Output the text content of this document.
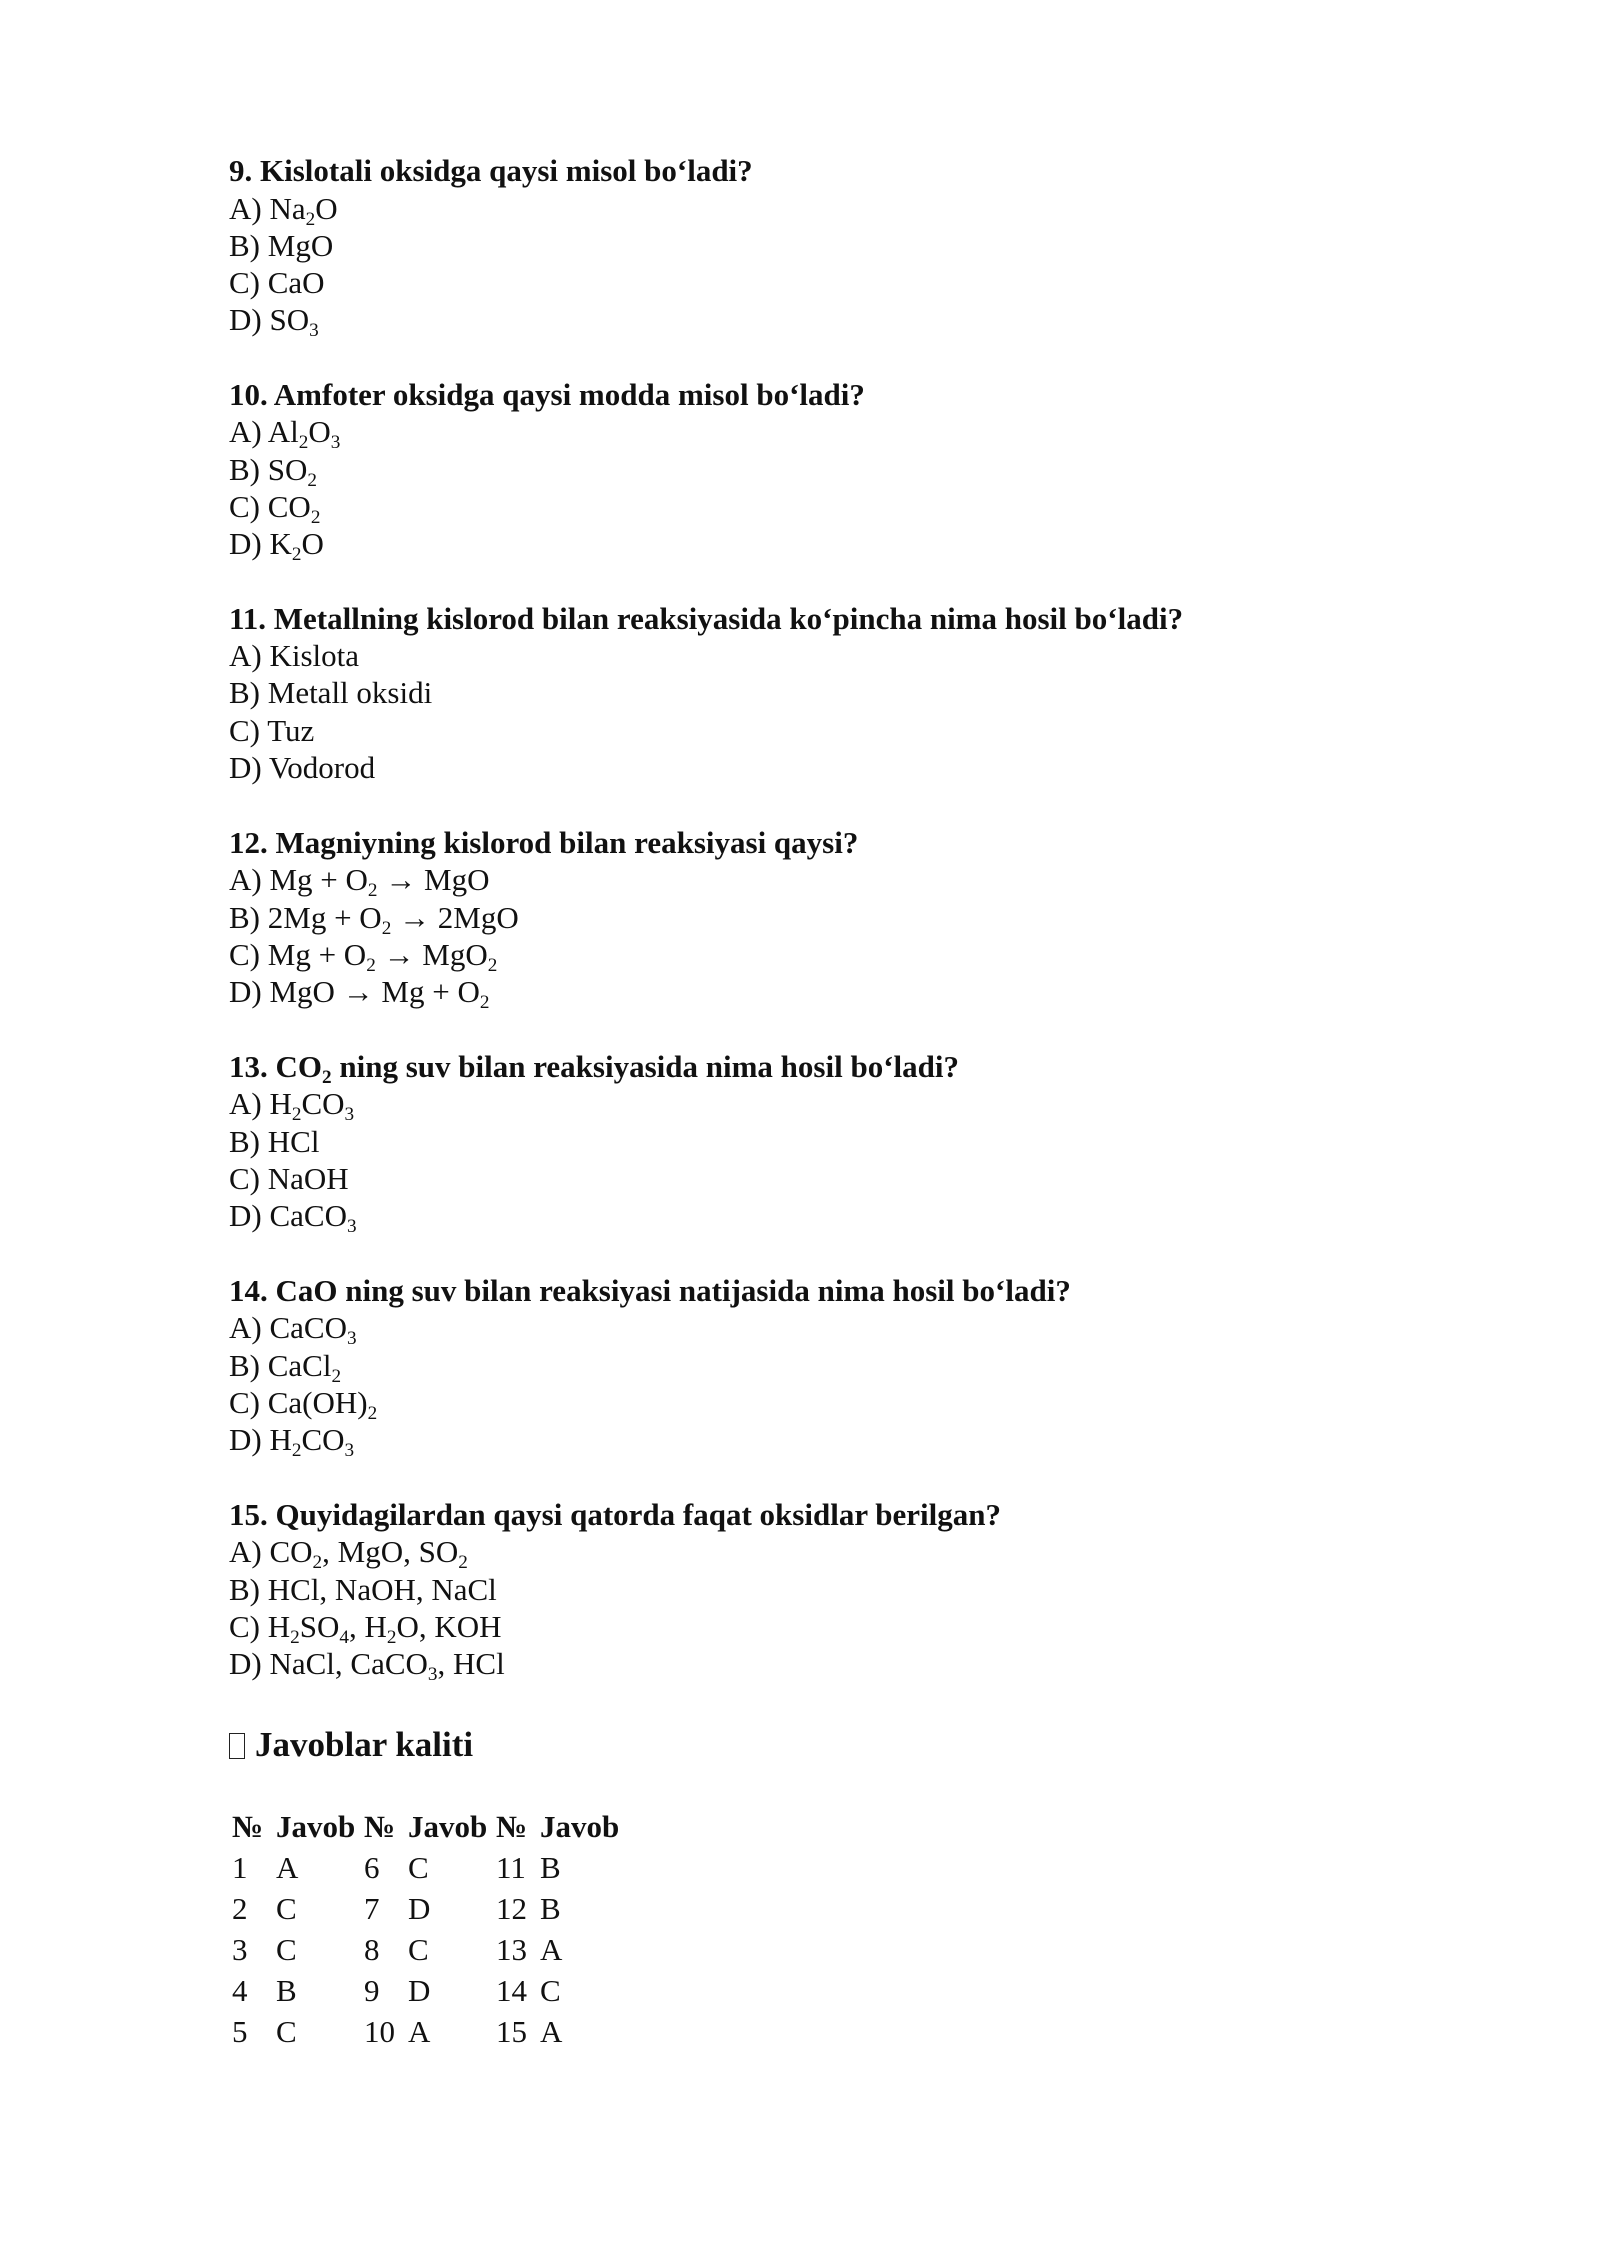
9. Kislotali oksidga qaysi misol bo‘ladi?
A) $Na_2O$
B) MgO
C) CaO
D) $SO_3$
10. Amfoter oksidga qaysi modda misol bo‘ladi?
A) $Al_2O_3$
B) $SO_2$
C) $CO_2$
D) $K_2O$
11. Metallning kislorod bilan reaksiyasida ko‘pincha nima hosil bo‘ladi?
A) Kislota
B) Metall oksidi
C) Tuz
D) Vodorod
12. Magniyning kislorod bilan reaksiyasi qaysi?
A) $Mg + O_2$ → MgO
B) $2Mg + O_2 \to 2MgO$
C) $Mg + O_2 \to MgO_2$
D) MgO → $Mg + O_2$
13. $CO_2$ ning suv bilan reaksiyasida nima hosil bo‘ladi?
A) $H_2CO_3$
B) HCl
C) NaOH
D) CaCO$_3$
14. CaO ning suv bilan reaksiyasi natijasida nima hosil bo‘ladi?
A) CaCO$_3$
B) CaCl$_2$
C) $Ca(OH)_2$
D) $H_2CO_3$
15. Quyidagilardan qaysi qatorda faqat oksidlar berilgan?
A) $CO_2$, MgO, $SO_2$
B) HCl, NaOH, NaCl
C) $H_2SO_4$, $H_2O$, KOH
D) NaCl, CaCO$_3$, HCl
Javoblar kaliti
№ Javob № Javob № Javob
1 A 6 C 11 B
2 C 7 D 12 B
3 C 8 C 13 A
4 B 9 D 14 C
5 C 10 A 15 A
